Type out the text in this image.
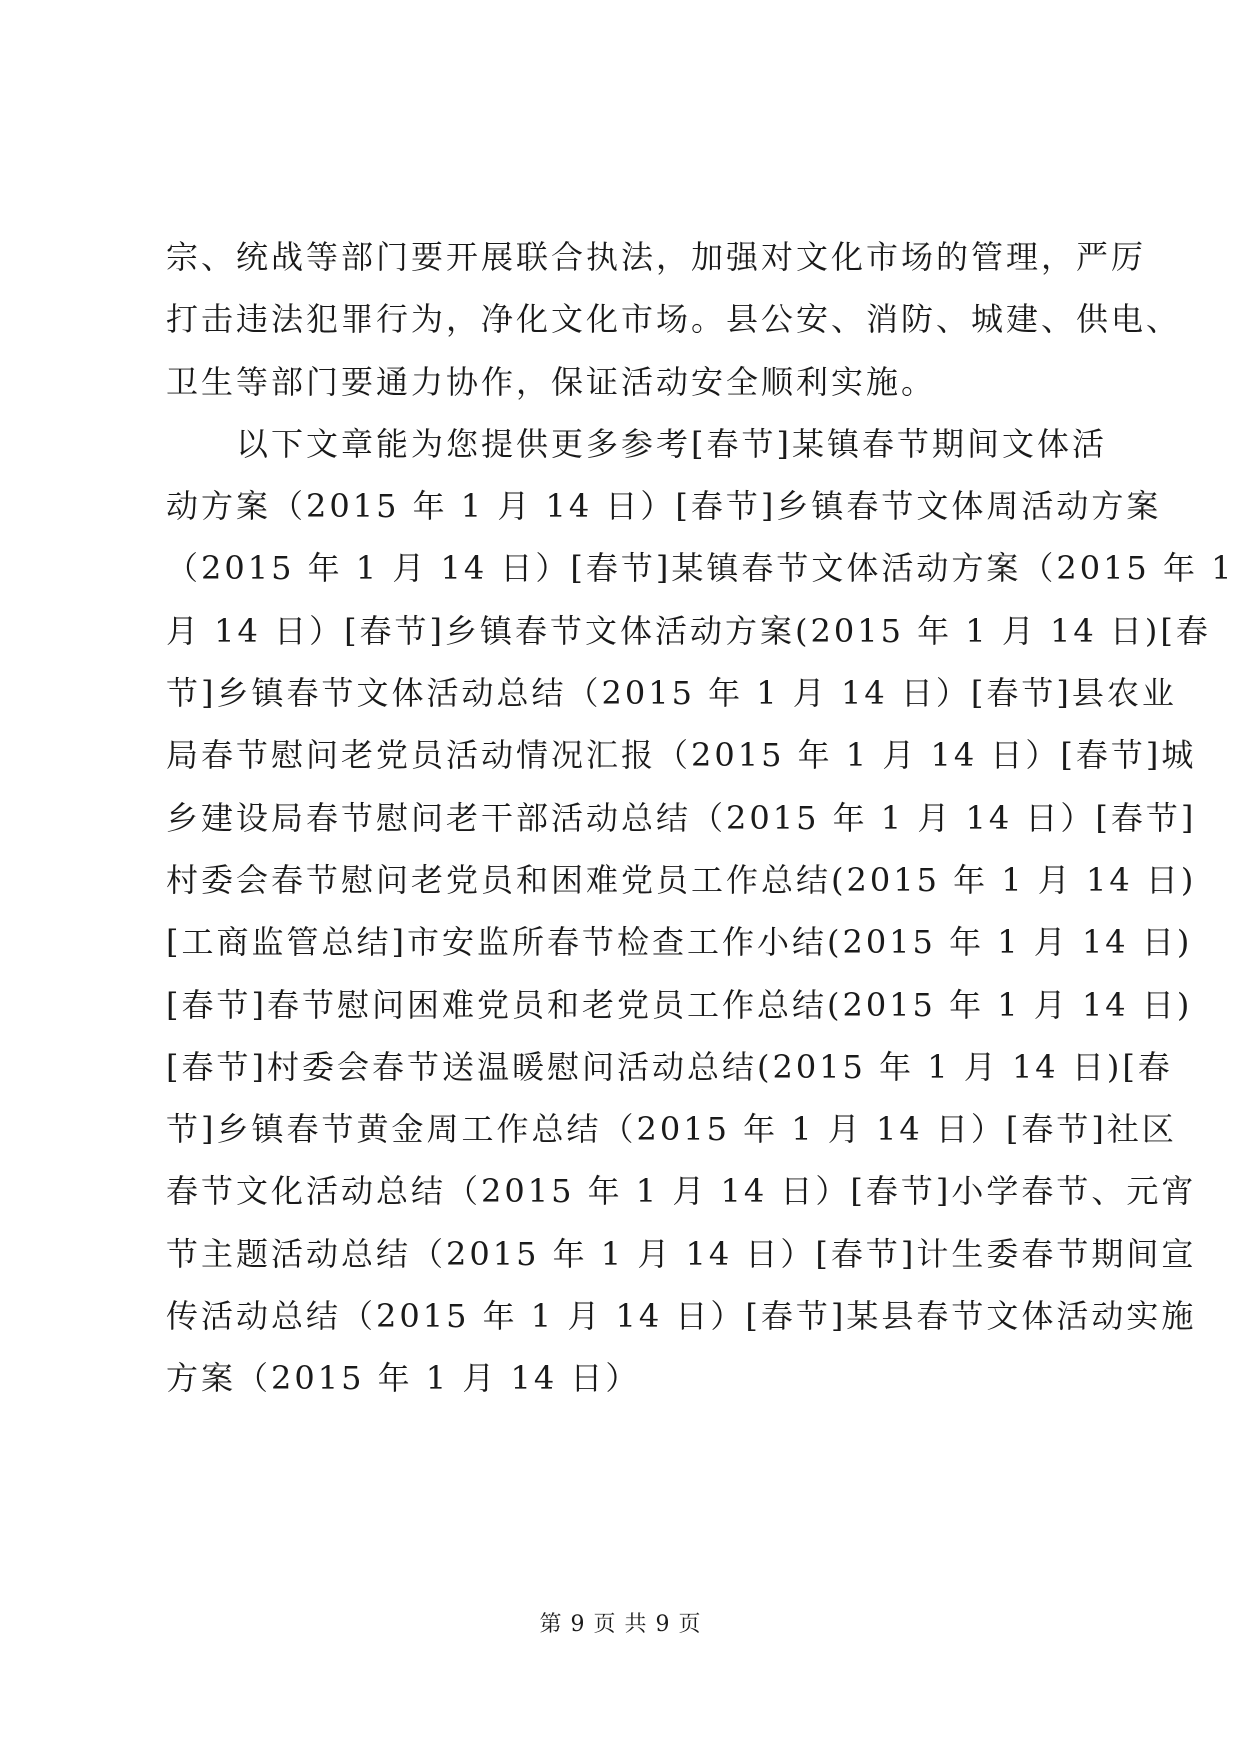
宗、统战等部门要开展联合执法，加强对文化市场的管理，严厉
打击违法犯罪行为，净化文化市场。县公安、消防、城建、供电、
卫生等部门要通力协作，保证活动安全顺利实施。
　　以下文章能为您提供更多参考[春节]某镇春节期间文体活
动方案（2015 年 1 月 14 日）[春节]乡镇春节文体周活动方案
（2015 年 1 月 14 日）[春节]某镇春节文体活动方案（2015 年 1
月 14 日）[春节]乡镇春节文体活动方案(2015 年 1 月 14 日)[春
节]乡镇春节文体活动总结（2015 年 1 月 14 日）[春节]县农业
局春节慰问老党员活动情况汇报（2015 年 1 月 14 日）[春节]城
乡建设局春节慰问老干部活动总结（2015 年 1 月 14 日）[春节]
村委会春节慰问老党员和困难党员工作总结(2015 年 1 月 14 日)
[工商监管总结]市安监所春节检查工作小结(2015 年 1 月 14 日)
[春节]春节慰问困难党员和老党员工作总结(2015 年 1 月 14 日)
[春节]村委会春节送温暖慰问活动总结(2015 年 1 月 14 日)[春
节]乡镇春节黄金周工作总结（2015 年 1 月 14 日）[春节]社区
春节文化活动总结（2015 年 1 月 14 日）[春节]小学春节、元宵
节主题活动总结（2015 年 1 月 14 日）[春节]计生委春节期间宣
传活动总结（2015 年 1 月 14 日）[春节]某县春节文体活动实施
方案（2015 年 1 月 14 日）
第 9 页 共 9 页
